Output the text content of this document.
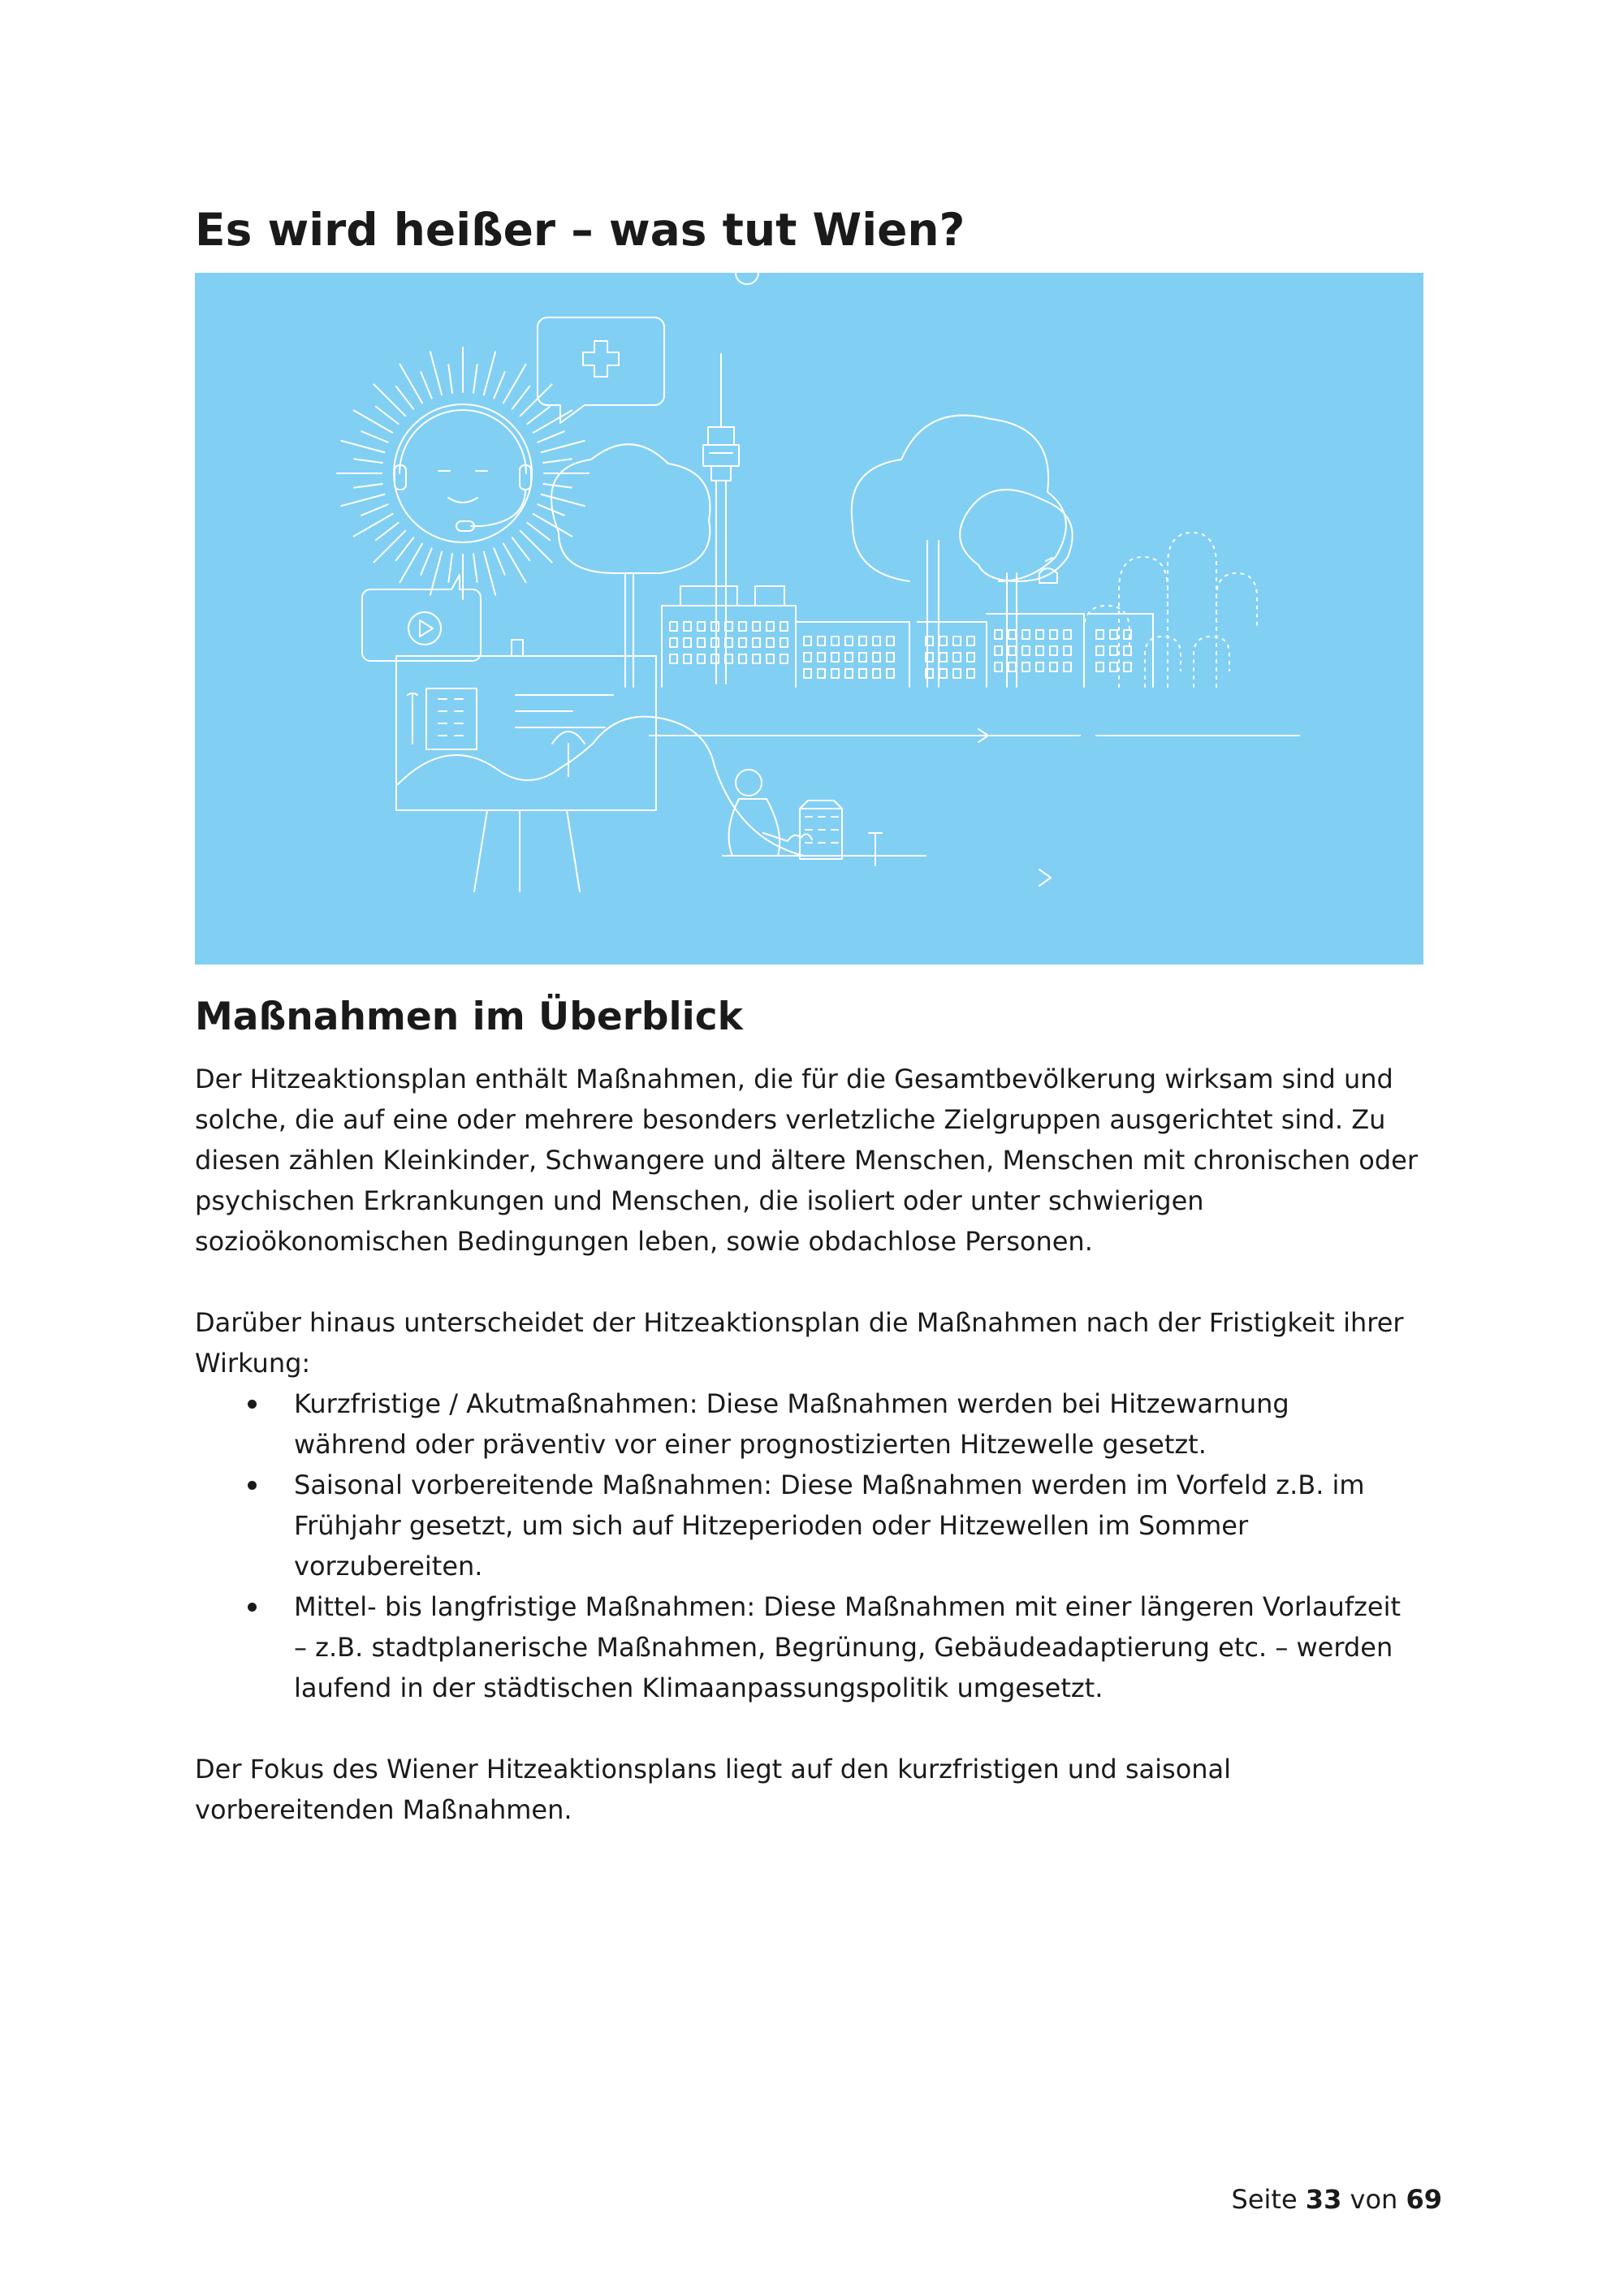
Es wird heißer – was tut Wien?
Maßnahmen im Überblick

Der Hitzeaktionsplan enthält Maßnahmen, die für die Gesamtbevölkerung wirksam sind und
solche, die auf eine oder mehrere besonders verletzliche Zielgruppen ausgerichtet sind. Zu
diesen zählen Kleinkinder, Schwangere und ältere Menschen, Menschen mit chronischen oder
psychischen Erkrankungen und Menschen, die isoliert oder unter schwierigen
sozioökonomischen Bedingungen leben, sowie obdachlose Personen.

Darüber hinaus unterscheidet der Hitzeaktionsplan die Maßnahmen nach der Fristigkeit ihrer
Wirkung:

Kurzfristige / Akutmaßnahmen: Diese Maßnahmen werden bei Hitzewarnung
während oder präventiv vor einer prognostizierten Hitzewelle gesetzt.
Saisonal vorbereitende Maßnahmen: Diese Maßnahmen werden im Vorfeld z.B. im
Frühjahr gesetzt, um sich auf Hitzeperioden oder Hitzewellen im Sommer
vorzubereiten.
Mittel- bis langfristige Maßnahmen: Diese Maßnahmen mit einer längeren Vorlaufzeit
– z.B. stadtplanerische Maßnahmen, Begrünung, Gebäudeadaptierung etc. – werden
laufend in der städtischen Klimaanpassungspolitik umgesetzt.

Der Fokus des Wiener Hitzeaktionsplans liegt auf den kurzfristigen und saisonal
vorbereitenden Maßnahmen.

Seite 33 von 69
